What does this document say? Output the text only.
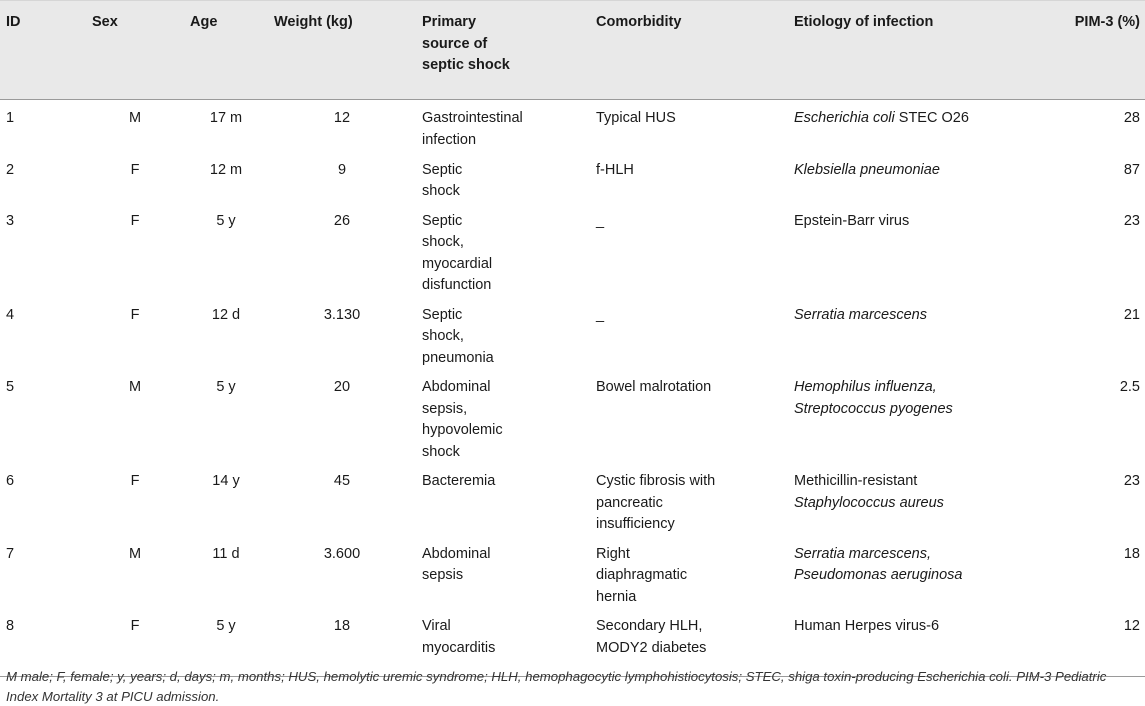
ID	Sex	Age	Weight (kg)	Primary source of septic shock	Comorbidity	Etiology of infection	PIM-3 (%)
1	M	17 m	12	Gastrointestinal
infection	Typical HUS	Escherichia coli STEC O26	28
2	F	12 m	9	Septic
shock	f-HLH	Klebsiella pneumoniae	87
3	F	5 y	26	Septic
shock,
myocardial
disfunction	_	Epstein-Barr virus	23
4	F	12 d	3.130	Septic
shock,
pneumonia	_	Serratia marcescens	21
5	M	5 y	20	Abdominal
sepsis,
hypovolemic
shock	Bowel malrotation	Hemophilus influenza,
Streptococcus pyogenes	2.5
6	F	14 y	45	Bacteremia	Cystic fibrosis with
pancreatic
insufficiency	Methicillin-resistant
Staphylococcus aureus	23
7	M	11 d	3.600	Abdominal
sepsis	Right
diaphragmatic
hernia	Serratia marcescens,
Pseudomonas aeruginosa	18
8	F	5 y	18	Viral
myocarditis	Secondary HLH,
MODY2 diabetes	Human Herpes virus-6	12
M male; F, female; y, years; d, days; m, months; HUS, hemolytic uremic syndrome; HLH, hemophagocytic lymphohistiocytosis; STEC, shiga toxin-producing Escherichia coli. PIM-3 Pediatric Index Mortality 3 at PICU admission.
